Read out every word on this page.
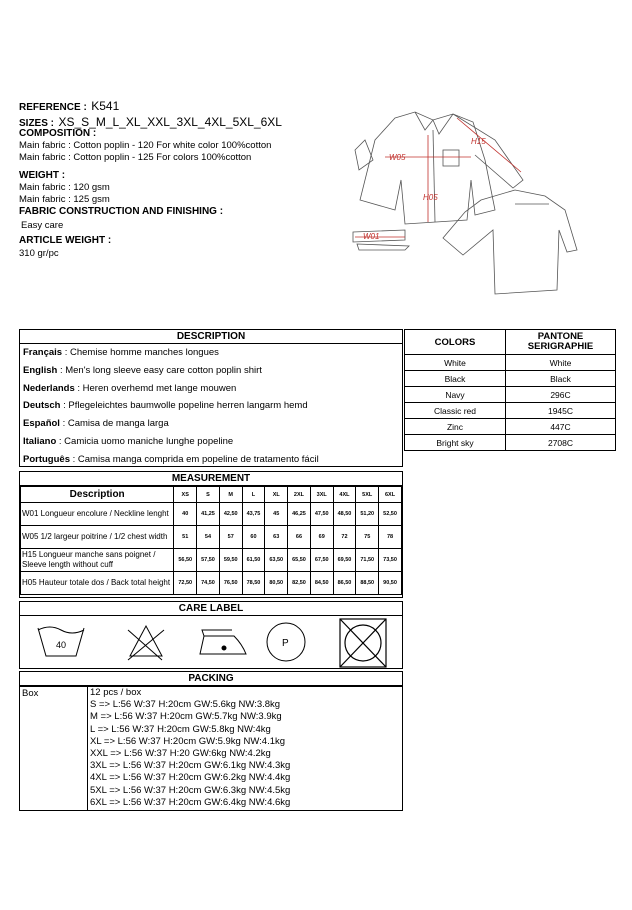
REFERENCE : K541
SIZES : XS_S_M_L_XL_XXL_3XL_4XL_5XL_6XL
COMPOSITION :
Main fabric : Cotton poplin - 120 For white color 100%cotton
Main fabric : Cotton poplin - 125 For colors 100%cotton
WEIGHT :
Main fabric : 120 gsm
Main fabric : 125 gsm
FABRIC CONSTRUCTION AND FINISHING :
Easy care
ARTICLE WEIGHT :
310 gr/pc
H15
W05
H05
W01
DESCRIPTION
Français : Chemise homme manches longues
English : Men's long sleeve easy care cotton poplin shirt
Nederlands : Heren overhemd met lange mouwen
Deutsch : Pflegeleichtes baumwolle popeline herren langarm hemd
Español : Camisa de manga larga
Italiano : Camicia uomo maniche lunghe popeline
Português : Camisa manga comprida em popeline de tratamento fácil
COLORS	PANTONE SERIGRAPHIE
White	White
Black	Black
Navy	296C
Classic red	1945C
Zinc	447C
Bright sky	2708C
MEASUREMENT
Description	XS	S	M	L	XL	2XL	3XL	4XL	5XL	6XL
W01 Longueur encolure / Neckline lenght	40	41,25	42,50	43,75	45	46,25	47,50	48,50	51,20	52,50
W05 1/2 largeur poitrine / 1/2 chest width	51	54	57	60	63	66	69	72	75	78
H15 Longueur manche sans poignet / Sleeve length without cuff	56,50	57,50	59,50	61,50	63,50	65,50	67,50	69,50	71,50	73,50
H05 Hauteur totale dos / Back total height	72,50	74,50	76,50	78,50	80,50	82,50	84,50	86,50	88,50	90,50
CARE LABEL
40	P
PACKING
Box	12 pcs / box
S => L:56 W:37 H:20cm GW:5.6kg NW:3.8kg
M => L:56 W:37 H:20cm GW:5.7kg NW:3.9kg
L => L:56 W:37 H:20cm GW:5.8kg NW:4kg
XL => L:56 W:37 H:20cm GW:5.9kg NW:4.1kg
XXL => L:56 W:37 H:20 GW:6kg NW:4.2kg
3XL => L:56 W:37 H:20cm GW:6.1kg NW:4.3kg
4XL => L:56 W:37 H:20cm GW:6.2kg NW:4.4kg
5XL => L:56 W:37 H:20cm GW:6.3kg NW:4.5kg
6XL => L:56 W:37 H:20cm GW:6.4kg NW:4.6kg
